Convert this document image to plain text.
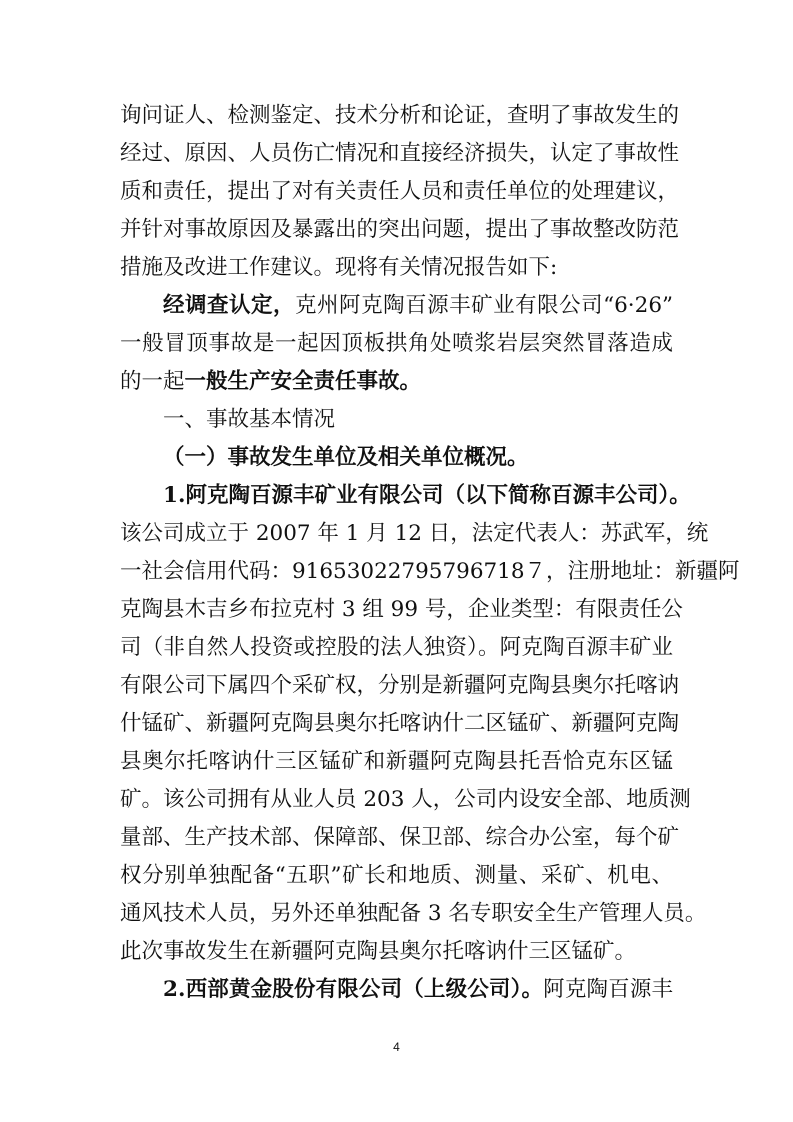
询问证人、检测鉴定、技术分析和论证，查明了事故发生的
经过、原因、人员伤亡情况和直接经济损失，认定了事故性
质和责任，提出了对有关责任人员和责任单位的处理建议，
并针对事故原因及暴露出的突出问题，提出了事故整改防范
措施及改进工作建议。现将有关情况报告如下:
经调查认定，克州阿克陶百源丰矿业有限公司“6·26”
一般冒顶事故是一起因顶板拱角处喷浆岩层突然冒落造成
的一起一般生产安全责任事故。
一、事故基本情况
（一）事故发生单位及相关单位概况。
1.阿克陶百源丰矿业有限公司（以下简称百源丰公司）。
该公司成立于 2007 年 1 月 12 日，法定代表人：苏武军，统
一社会信用代码：91653022795796718７，注册地址：新疆阿
克陶县木吉乡布拉克村 3 组 99 号，企业类型：有限责任公
司（非自然人投资或控股的法人独资）。阿克陶百源丰矿业
有限公司下属四个采矿权，分别是新疆阿克陶县奥尔托喀讷
什锰矿、新疆阿克陶县奥尔托喀讷什二区锰矿、新疆阿克陶
县奥尔托喀讷什三区锰矿和新疆阿克陶县托吾恰克东区锰
矿。该公司拥有从业人员 203 人，公司内设安全部、地质测
量部、生产技术部、保障部、保卫部、综合办公室，每个矿
权分别单独配备“五职”矿长和地质、测量、采矿、机电、
通风技术人员，另外还单独配备 3 名专职安全生产管理人员。
此次事故发生在新疆阿克陶县奥尔托喀讷什三区锰矿。
2.西部黄金股份有限公司（上级公司）。阿克陶百源丰
4
